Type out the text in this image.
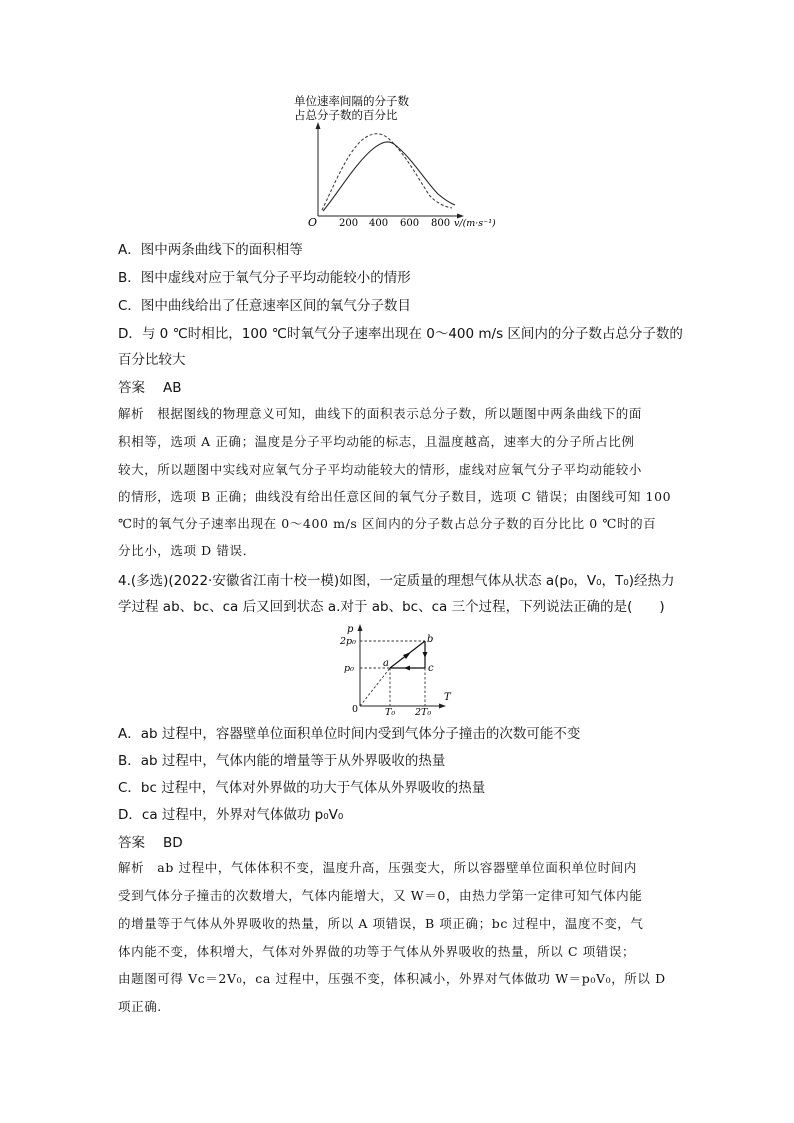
单位速率间隔的分子数
占总分子数的百分比
O 200 400 600 800 v/(m·s⁻¹)
A．图中两条曲线下的面积相等
B．图中虚线对应于氧气分子平均动能较小的情形
C．图中曲线给出了任意速率区间的氧气分子数目
D．与 0 ℃时相比，100 ℃时氧气分子速率出现在 0～400 m/s 区间内的分子数占总分子数的
百分比较大
答案 AB
解析　根据图线的物理意义可知，曲线下的面积表示总分子数，所以题图中两条曲线下的面
积相等，选项 A 正确；温度是分子平均动能的标志，且温度越高，速率大的分子所占比例
较大，所以题图中实线对应氧气分子平均动能较大的情形，虚线对应氧气分子平均动能较小
的情形，选项 B 正确；曲线没有给出任意区间的氧气分子数目，选项 C 错误；由图线可知 100
℃时的氧气分子速率出现在 0～400 m/s 区间内的分子数占总分子数的百分比比 0 ℃时的百
分比小，选项 D 错误．
4.(多选)(2022·安徽省江南十校一模)如图，一定质量的理想气体从状态 a(p₀，V₀，T₀)经热力
学过程 ab、bc、ca 后又回到状态 a.对于 ab、bc、ca 三个过程，下列说法正确的是(　　)
p
T
0
2p₀
p₀
T₀ 2T₀
a
b
c
A．ab 过程中，容器壁单位面积单位时间内受到气体分子撞击的次数可能不变
B．ab 过程中，气体内能的增量等于从外界吸收的热量
C．bc 过程中，气体对外界做的功大于气体从外界吸收的热量
D．ca 过程中，外界对气体做功 p₀V₀
答案 BD
解析　ab 过程中，气体体积不变，温度升高，压强变大，所以容器壁单位面积单位时间内
受到气体分子撞击的次数增大，气体内能增大，又 W＝0，由热力学第一定律可知气体内能
的增量等于气体从外界吸收的热量，所以 A 项错误，B 项正确；bc 过程中，温度不变，气
体内能不变，体积增大，气体对外界做的功等于气体从外界吸收的热量，所以 C 项错误；
由题图可得 Vc＝2V₀，ca 过程中，压强不变，体积减小，外界对气体做功 W＝p₀V₀，所以 D
项正确.
